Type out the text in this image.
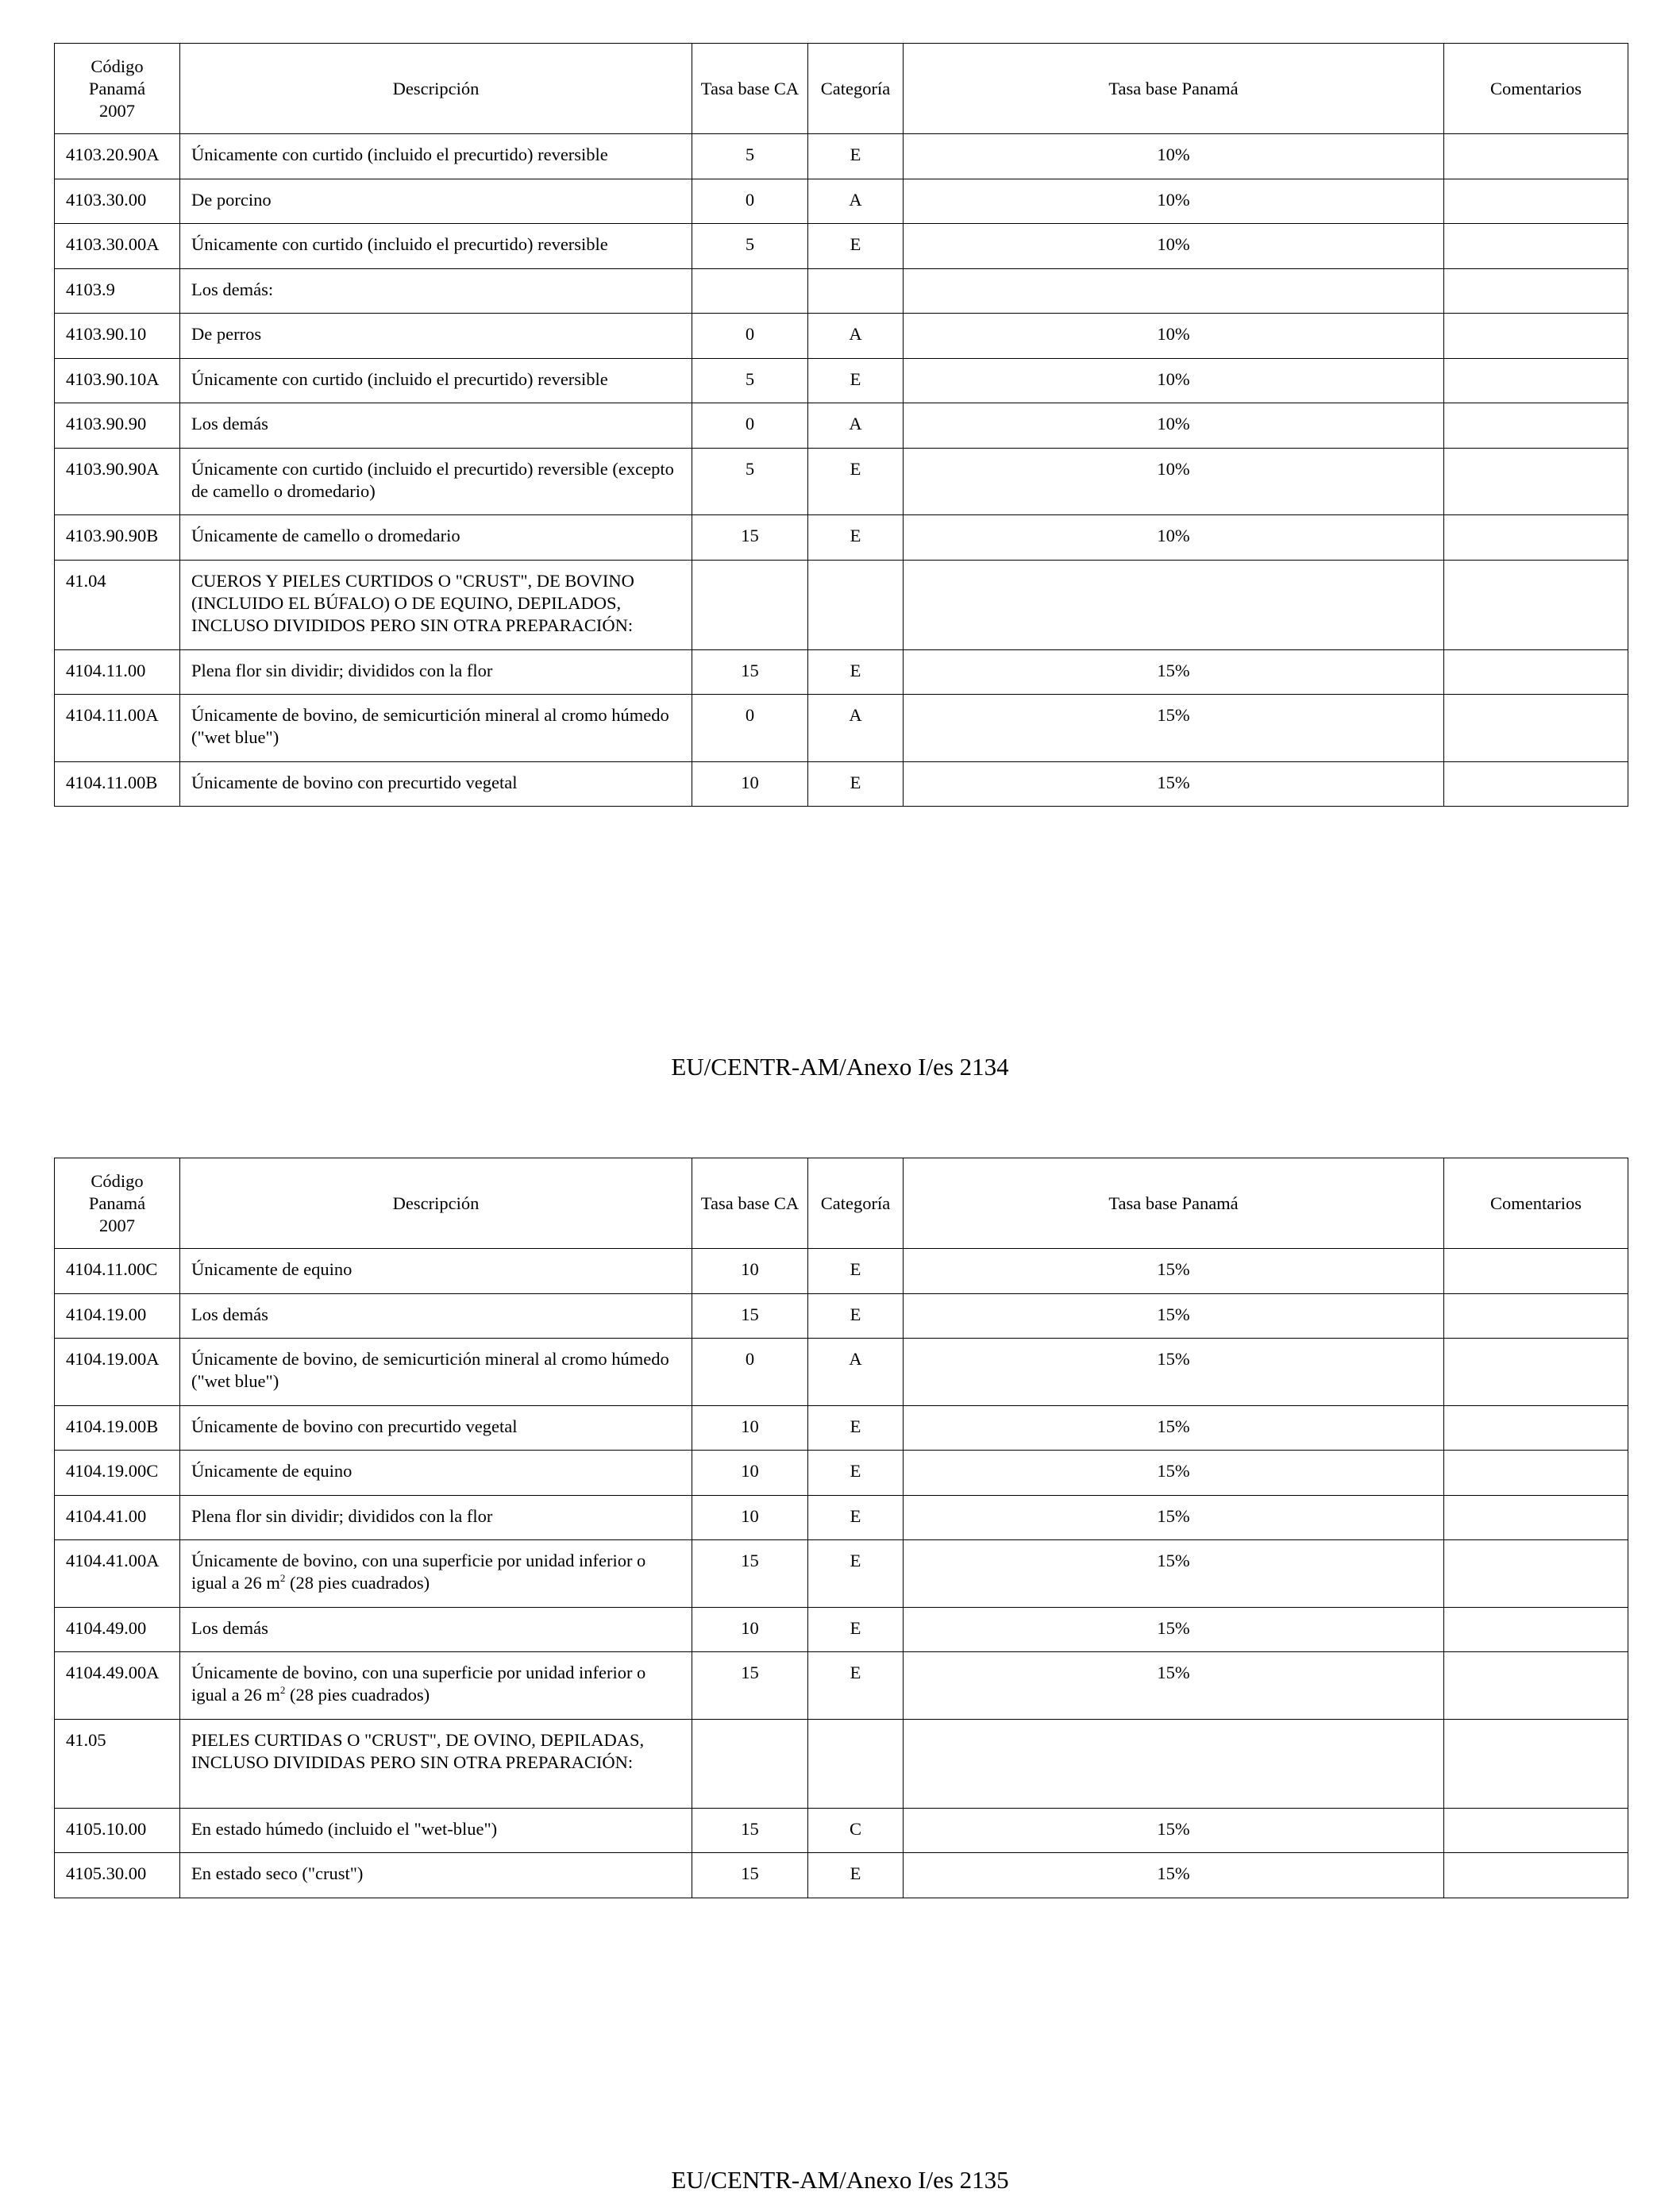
Código
Panamá
2007	Descripción	Tasa base CA	Categoría	Tasa base Panamá	Comentarios
4103.20.90A	Únicamente con curtido (incluido el precurtido) reversible	5	E	10%	
4103.30.00	De porcino	0	A	10%	
4103.30.00A	Únicamente con curtido (incluido el precurtido) reversible	5	E	10%	
4103.9	Los demás:				
4103.90.10	De perros	0	A	10%	
4103.90.10A	Únicamente con curtido (incluido el precurtido) reversible	5	E	10%	
4103.90.90	Los demás	0	A	10%	
4103.90.90A	Únicamente con curtido (incluido el precurtido) reversible (excepto de camello o dromedario)	5	E	10%	
4103.90.90B	Únicamente de camello o dromedario	15	E	10%	
41.04	CUEROS Y PIELES CURTIDOS O "CRUST", DE BOVINO (INCLUIDO EL BÚFALO) O DE EQUINO, DEPILADOS, INCLUSO DIVIDIDOS PERO SIN OTRA PREPARACIÓN:				
4104.11.00	Plena flor sin dividir; divididos con la flor	15	E	15%	
4104.11.00A	Únicamente de bovino, de semicurtición mineral al cromo húmedo ("wet blue")	0	A	15%	
4104.11.00B	Únicamente de bovino con precurtido vegetal	10	E	15%	
EU/CENTR-AM/Anexo I/es 2134
Código
Panamá
2007	Descripción	Tasa base CA	Categoría	Tasa base Panamá	Comentarios
4104.11.00C	Únicamente de equino	10	E	15%	
4104.19.00	Los demás	15	E	15%	
4104.19.00A	Únicamente de bovino, de semicurtición mineral al cromo húmedo ("wet blue")	0	A	15%	
4104.19.00B	Únicamente de bovino con precurtido vegetal	10	E	15%	
4104.19.00C	Únicamente de equino	10	E	15%	
4104.41.00	Plena flor sin dividir; divididos con la flor	10	E	15%	
4104.41.00A	Únicamente de bovino, con una superficie por unidad inferior o igual a 26 $m^2$ (28 pies cuadrados)	15	E	15%	
4104.49.00	Los demás	10	E	15%	
4104.49.00A	Únicamente de bovino, con una superficie por unidad inferior o igual a 26 $m^2$ (28 pies cuadrados)	15	E	15%	
41.05	PIELES CURTIDAS O "CRUST", DE OVINO, DEPILADAS, INCLUSO DIVIDIDAS PERO SIN OTRA PREPARACIÓN:				
4105.10.00	En estado húmedo (incluido el "wet-blue")	15	C	15%	
4105.30.00	En estado seco ("crust")	15	E	15%	
EU/CENTR-AM/Anexo I/es 2135
